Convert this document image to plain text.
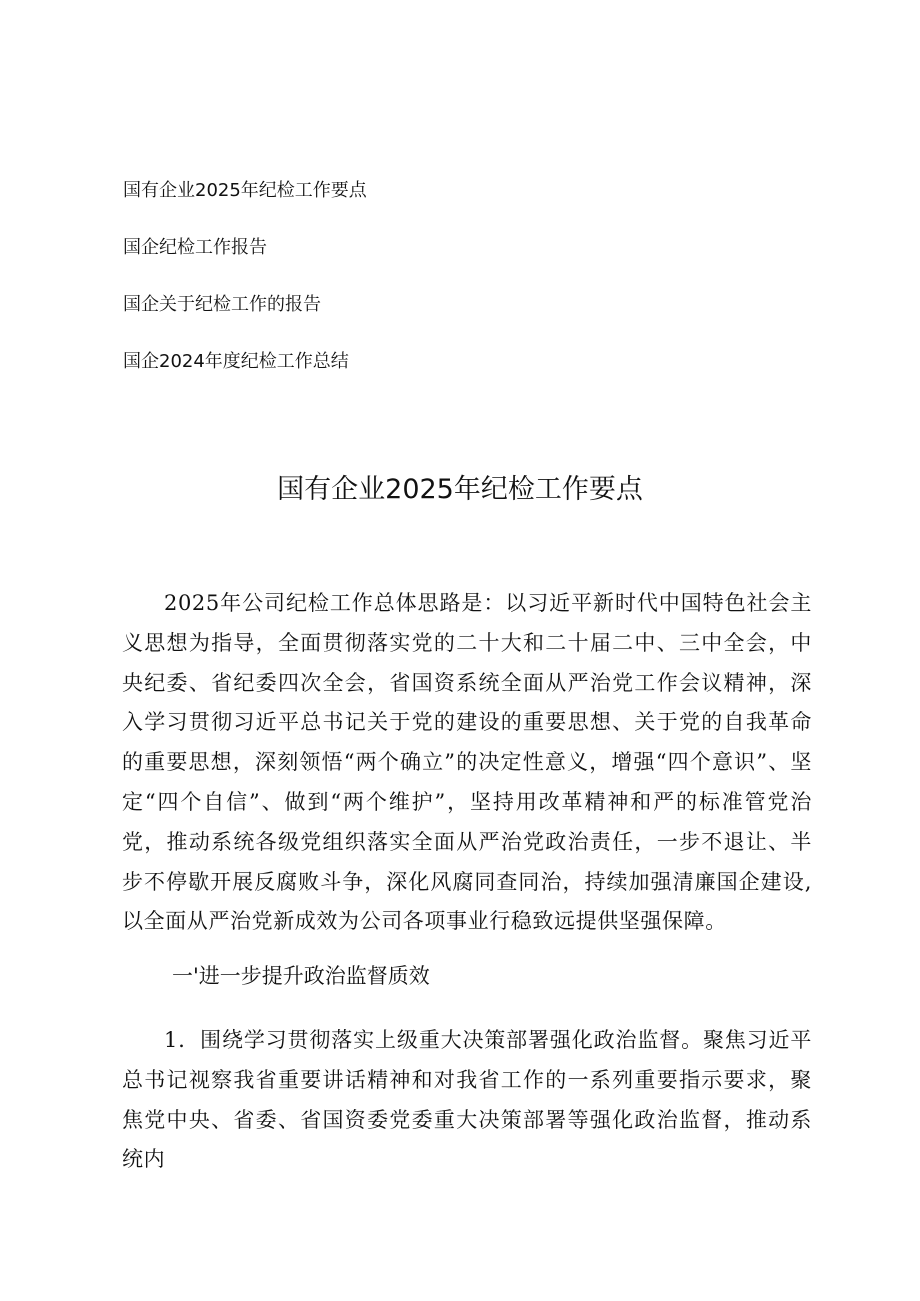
国有企业2025年纪检工作要点
国企纪检工作报告
国企关于纪检工作的报告
国企2024年度纪检工作总结
国有企业2025年纪检工作要点

2025年公司纪检工作总体思路是：以习近平新时代中国特色社会主义思想为指导，全面贯彻落实党的二十大和二十届二中、三中全会，中央纪委、省纪委四次全会，省国资系统全面从严治党工作会议精神，深入学习贯彻习近平总书记关于党的建设的重要思想、关于党的自我革命的重要思想，深刻领悟“两个确立”的决定性意义，增强“四个意识”、坚定“四个自信”、做到“两个维护”，坚持用改革精神和严的标准管党治党，推动系统各级党组织落实全面从严治党政治责任，一步不退让、半步不停歇开展反腐败斗争，深化风腐同查同治，持续加强清廉国企建设,以全面从严治党新成效为公司各项事业行稳致远提供坚强保障。

一'进一步提升政治监督质效

1．围绕学习贯彻落实上级重大决策部署强化政治监督。聚焦习近平总书记视察我省重要讲话精神和对我省工作的一系列重要指示要求，聚焦党中央、省委、省国资委党委重大决策部署等强化政治监督，推动系统内
